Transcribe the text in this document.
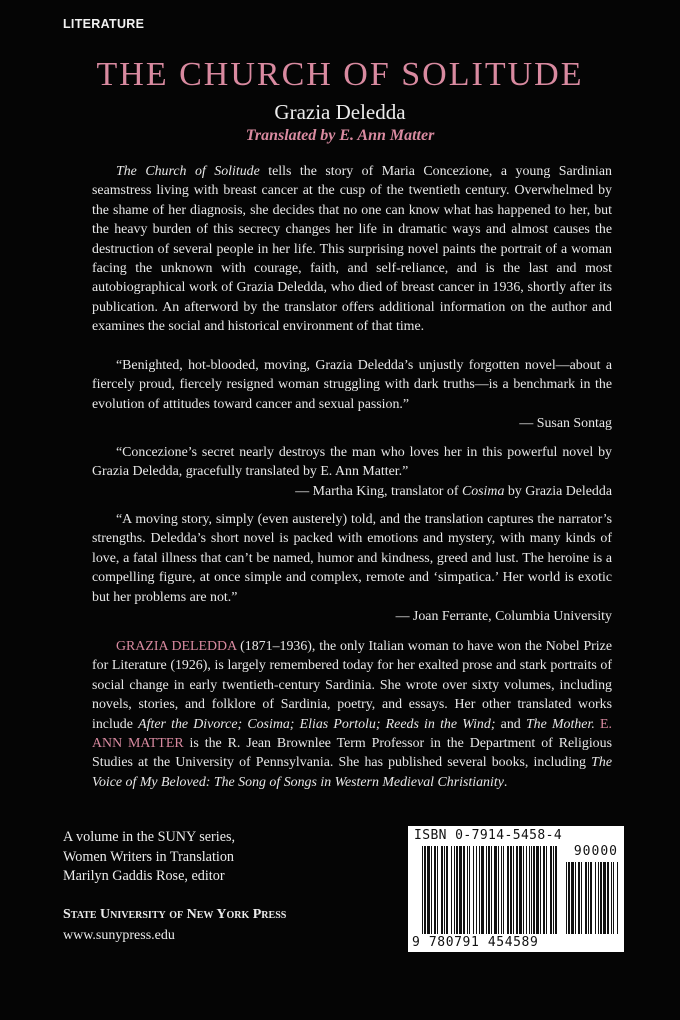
LITERATURE
THE CHURCH OF SOLITUDE
Grazia Deledda
Translated by E. Ann Matter
The Church of Solitude tells the story of Maria Concezione, a young Sardinian seamstress living with breast cancer at the cusp of the twentieth century. Overwhelmed by the shame of her diagnosis, she decides that no one can know what has happened to her, but the heavy burden of this secrecy changes her life in dramatic ways and almost causes the destruction of several people in her life. This surprising novel paints the portrait of a woman facing the unknown with courage, faith, and self-reliance, and is the last and most autobiographical work of Grazia Deledda, who died of breast cancer in 1936, shortly after its publication. An afterword by the translator offers additional information on the author and examines the social and historical environment of that time.
“Benighted, hot-blooded, moving, Grazia Deledda’s unjustly forgotten novel—about a fiercely proud, fiercely resigned woman struggling with dark truths—is a benchmark in the evolution of attitudes toward cancer and sexual passion.”
— Susan Sontag
“Concezione’s secret nearly destroys the man who loves her in this powerful novel by Grazia Deledda, gracefully translated by E. Ann Matter.”
— Martha King, translator of Cosima by Grazia Deledda
“A moving story, simply (even austerely) told, and the translation captures the narrator’s strengths. Deledda’s short novel is packed with emotions and mystery, with many kinds of love, a fatal illness that can’t be named, humor and kindness, greed and lust. The heroine is a compelling figure, at once simple and complex, remote and ‘simpatica.’ Her world is exotic but her problems are not.”
— Joan Ferrante, Columbia University
GRAZIA DELEDDA (1871–1936), the only Italian woman to have won the Nobel Prize for Literature (1926), is largely remembered today for her exalted prose and stark portraits of social change in early twentieth-century Sardinia. She wrote over sixty volumes, including novels, stories, and folklore of Sardinia, poetry, and essays. Her other translated works include After the Divorce; Cosima; Elias Portolu; Reeds in the Wind; and The Mother. E. ANN MATTER is the R. Jean Brownlee Term Professor in the Department of Religious Studies at the University of Pennsylvania. She has published several books, including The Voice of My Beloved: The Song of Songs in Western Medieval Christianity.
A volume in the SUNY series,
Women Writers in Translation
Marilyn Gaddis Rose, editor
State University of New York Press
www.sunypress.edu
ISBN 0-7914-5458-4
90000
9 780791 454589
